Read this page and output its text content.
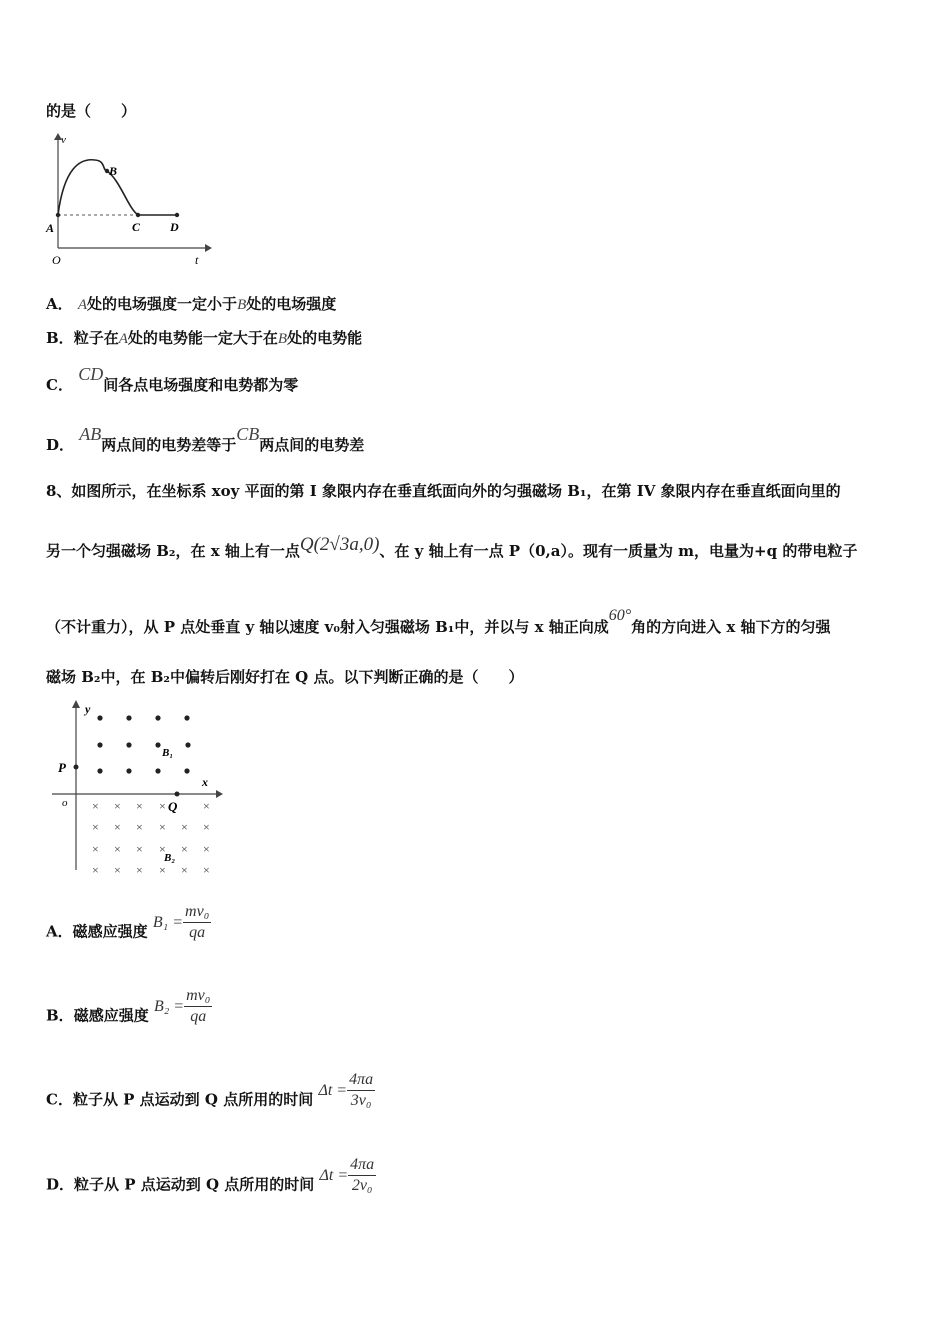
的是（　　）
v
t
O
A
B
C D
A． A处的电场强度一定小于B处的电场强度
B．粒子在A处的电势能一定大于在B处的电势能
C． CD间各点电场强度和电势都为零
D． AB两点间的电势差等于CB两点间的电势差
8、如图所示，在坐标系 xoy 平面的第 I 象限内存在垂直纸面向外的匀强磁场 B₁，在第 IV 象限内存在垂直纸面向里的
另一个匀强磁场 B₂，在 x 轴上有一点Q(2√3a,0)、在 y 轴上有一点 P（0,a）。现有一质量为 m，电量为+q 的带电粒子
（不计重力），从 P 点处垂直 y 轴以速度 v₀射入匀强磁场 B₁中，并以与 x 轴正向成60°角的方向进入 x 轴下方的匀强
磁场 B₂中，在 B₂中偏转后刚好打在 Q 点。以下判断正确的是（　　）
y
x
o
P
Q
B₁
B₂
× × × ×	×
× × × × × ×
× × × × × ×
× × × × × ×
A．磁感应强度 $B_1 = \frac{\text{mv₀}}{qa}$
B．磁感应强度 $B_2 = \frac{\text{mv₀}}{qa}$
C．粒子从 P 点运动到 Q 点所用的时间 $\Delta t = \frac{4\pi a}{\text{3v₀}}$
D．粒子从 P 点运动到 Q 点所用的时间 $\Delta t = \frac{4\pi a}{\text{2v₀}}$
